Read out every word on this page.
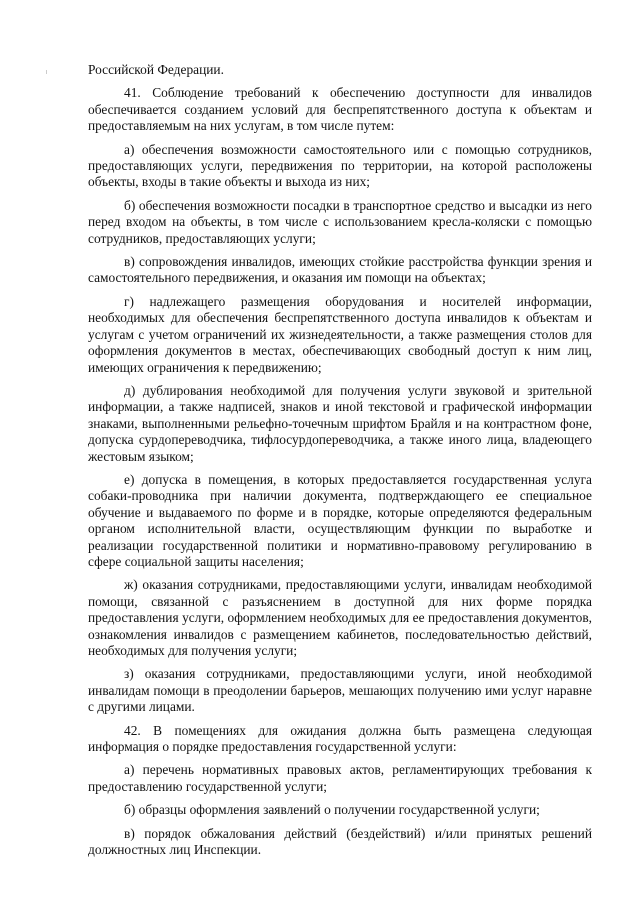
Российской Федерации.

41. Соблюдение требований к обеспечению доступности для инвалидов обеспечивается созданием условий для беспрепятственного доступа к объектам и предоставляемым на них услугам, в том числе путем:

а) обеспечения возможности самостоятельного или с помощью сотрудников, предоставляющих услуги, передвижения по территории, на которой расположены объекты, входы в такие объекты и выхода из них;

б) обеспечения возможности посадки в транспортное средство и высадки из него перед входом на объекты, в том числе с использованием кресла-коляски с помощью сотрудников, предоставляющих услуги;

в) сопровождения инвалидов, имеющих стойкие расстройства функции зрения и самостоятельного передвижения, и оказания им помощи на объектах;

г) надлежащего размещения оборудования и носителей информации, необходимых для обеспечения беспрепятственного доступа инвалидов к объектам и услугам с учетом ограничений их жизнедеятельности, а также размещения столов для оформления документов в местах, обеспечивающих свободный доступ к ним лиц, имеющих ограничения к передвижению;

д) дублирования необходимой для получения услуги звуковой и зрительной информации, а также надписей, знаков и иной текстовой и графической информации знаками, выполненными рельефно-точечным шрифтом Брайля и на контрастном фоне, допуска сурдопереводчика, тифлосурдопереводчика, а также иного лица, владеющего жестовым языком;

е) допуска в помещения, в которых предоставляется государственная услуга собаки-проводника при наличии документа, подтверждающего ее специальное обучение и выдаваемого по форме и в порядке, которые определяются федеральным органом исполнительной власти, осуществляющим функции по выработке и реализации государственной политики и нормативно-правовому регулированию в сфере социальной защиты населения;

ж) оказания сотрудниками, предоставляющими услуги, инвалидам необходимой помощи, связанной с разъяснением в доступной для них форме порядка предоставления услуги, оформлением необходимых для ее предоставления документов, ознакомления инвалидов с размещением кабинетов, последовательностью действий, необходимых для получения услуги;

з) оказания сотрудниками, предоставляющими услуги, иной необходимой инвалидам помощи в преодолении барьеров, мешающих получению ими услуг наравне с другими лицами.

42. В помещениях для ожидания должна быть размещена следующая информация о порядке предоставления государственной услуги:

а) перечень нормативных правовых актов, регламентирующих требования к предоставлению государственной услуги;

б) образцы оформления заявлений о получении государственной услуги;

в) порядок обжалования действий (бездействий) и/или принятых решений должностных лиц Инспекции.
